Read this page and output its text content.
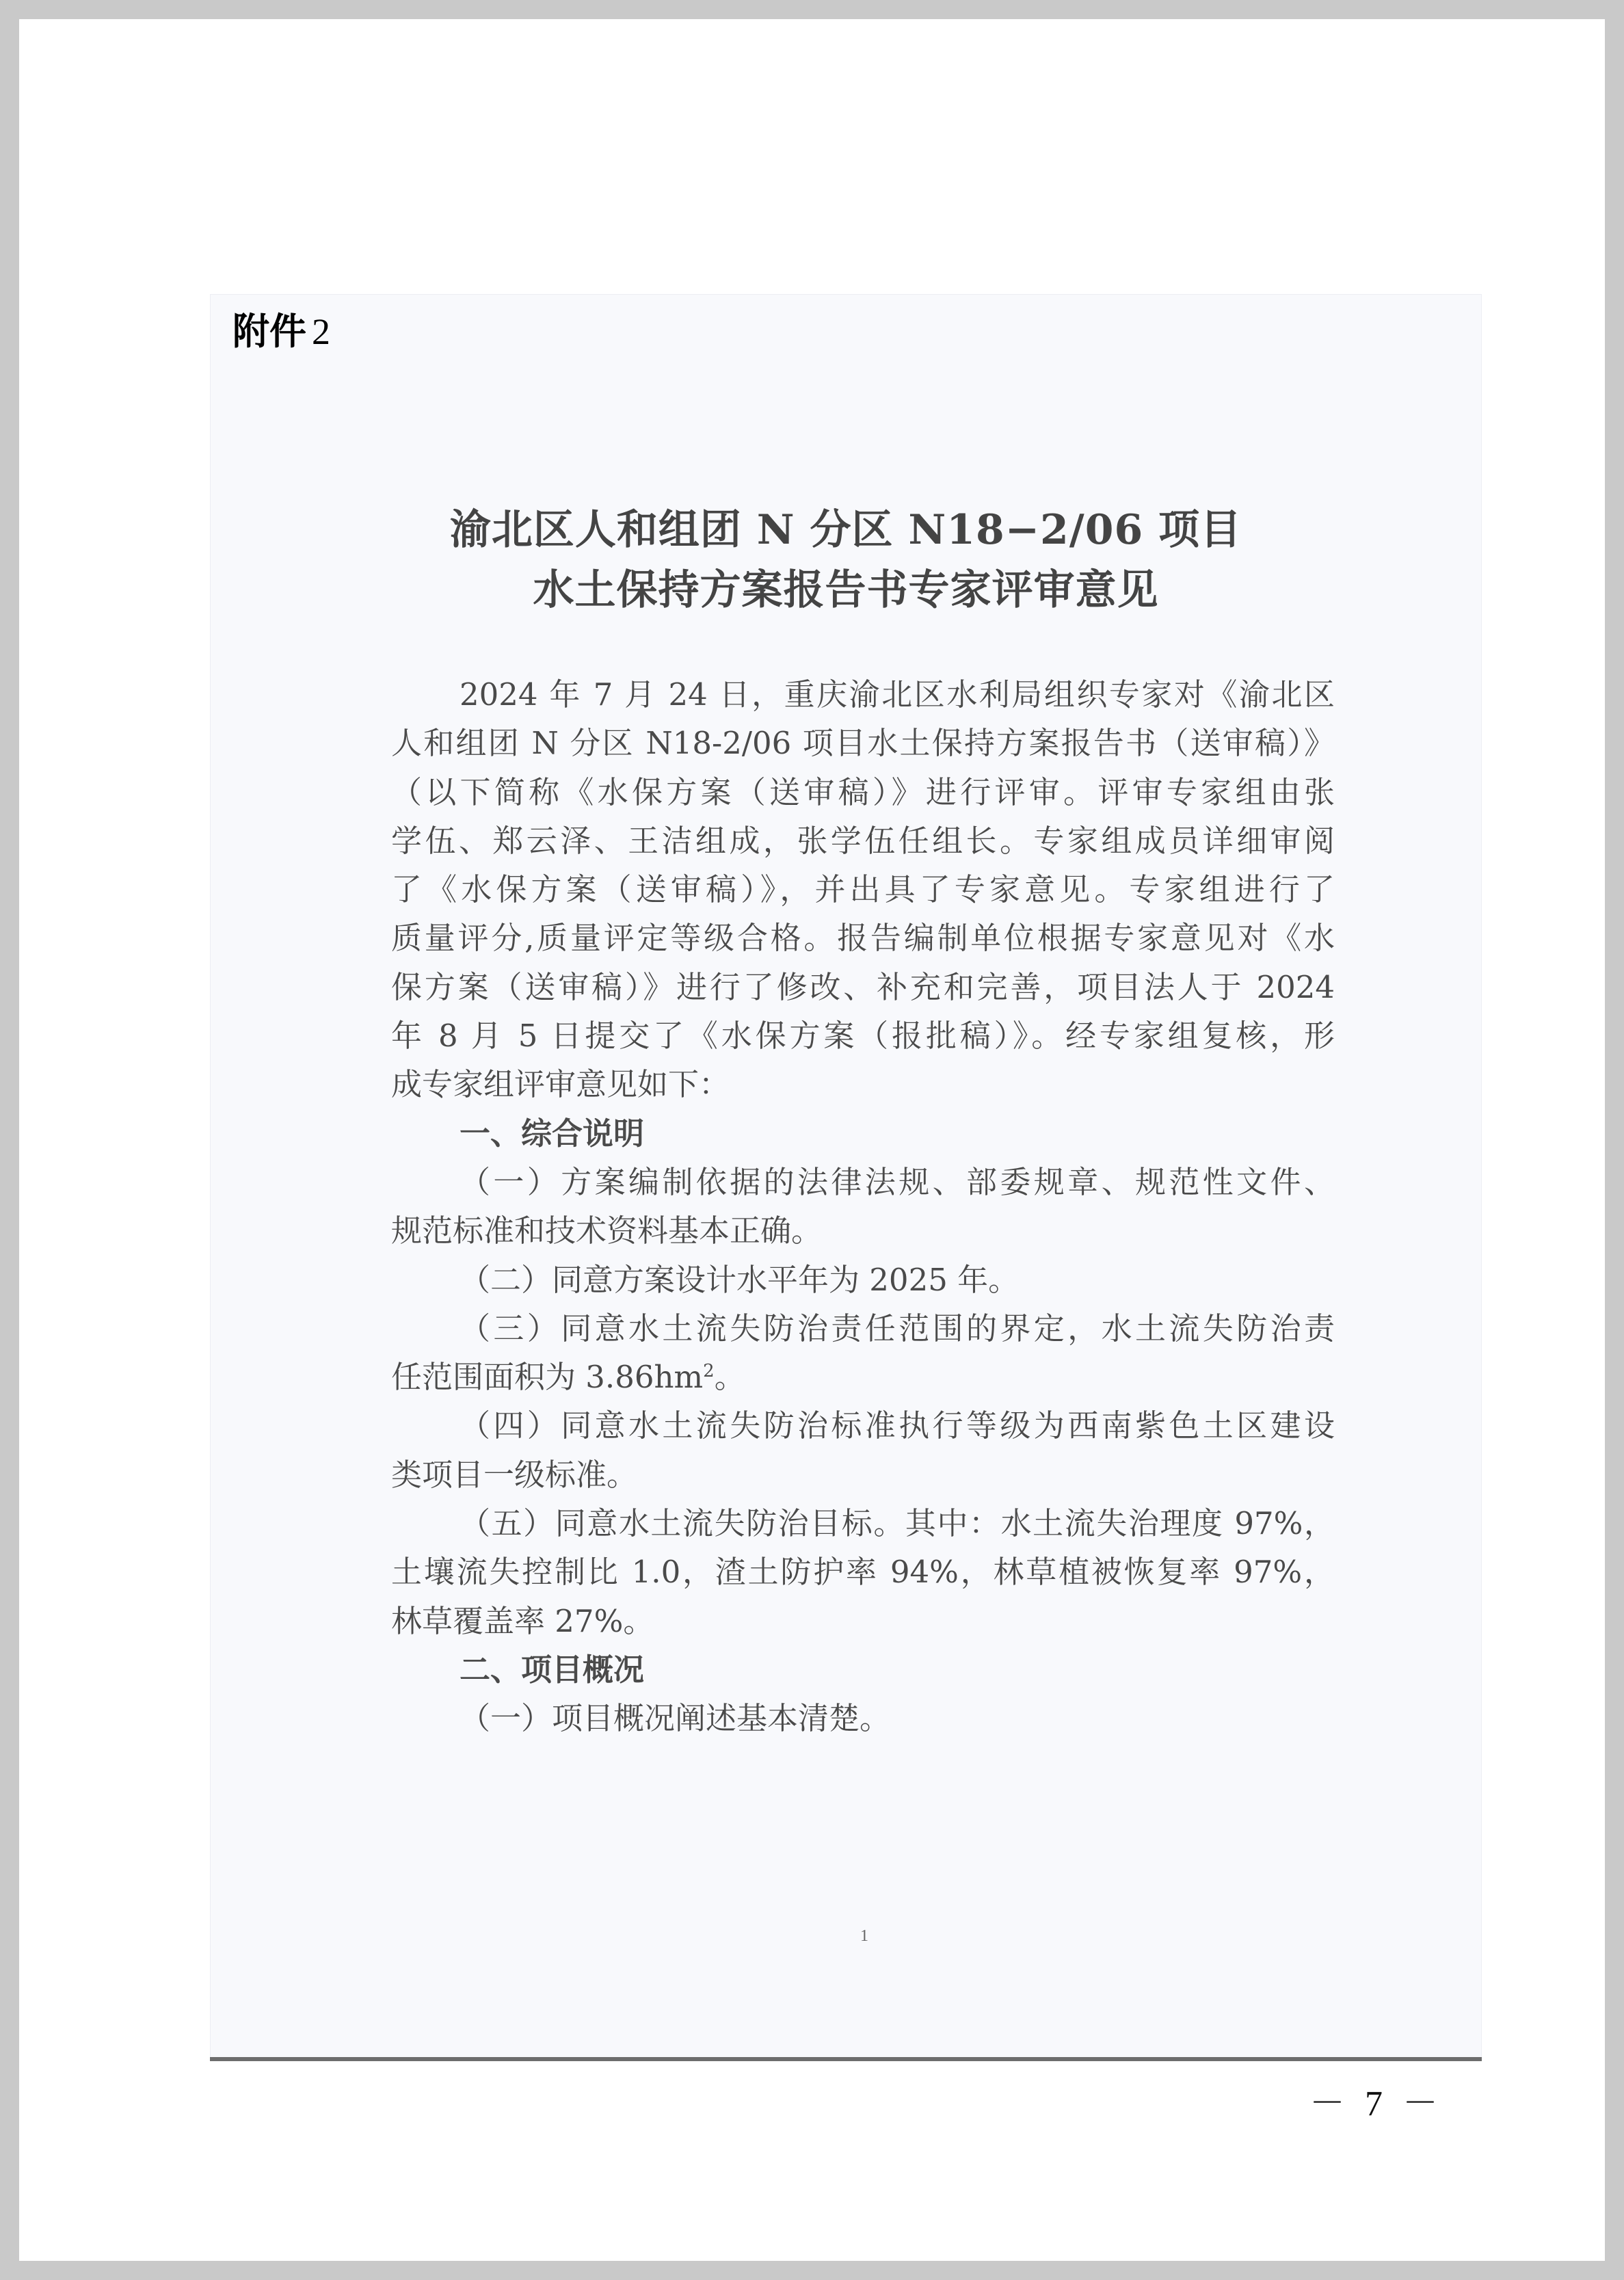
附件 2
渝北区人和组团 N 分区 N18−2/06 项目
水土保持方案报告书专家评审意见
2024 年 7 月 24 日，重庆渝北区水利局组织专家对《渝北区
人和组团 N 分区 N18-2/06 项目水土保持方案报告书（送审稿）》
（以下简称《水保方案（送审稿）》进行评审。评审专家组由张
学伍、郑云泽、王洁组成，张学伍任组长。专家组成员详细审阅
了《水保方案（送审稿）》，并出具了专家意见。专家组进行了
质量评分,质量评定等级合格。报告编制单位根据专家意见对《水
保方案（送审稿）》进行了修改、补充和完善，项目法人于 2024
年 8 月 5 日提交了《水保方案（报批稿）》。经专家组复核，形
成专家组评审意见如下：
一、综合说明
（一）方案编制依据的法律法规、部委规章、规范性文件、
规范标准和技术资料基本正确。
（二）同意方案设计水平年为 2025 年。
（三）同意水土流失防治责任范围的界定，水土流失防治责
任范围面积为 $3.86hm^2$。
（四）同意水土流失防治标准执行等级为西南紫色土区建设
类项目一级标准。
（五）同意水土流失防治目标。其中：水土流失治理度 97%，
土壤流失控制比 1.0，渣土防护率 94%，林草植被恢复率 97%，
林草覆盖率 27%。
二、项目概况
（一）项目概况阐述基本清楚。
1
－ 7 －
